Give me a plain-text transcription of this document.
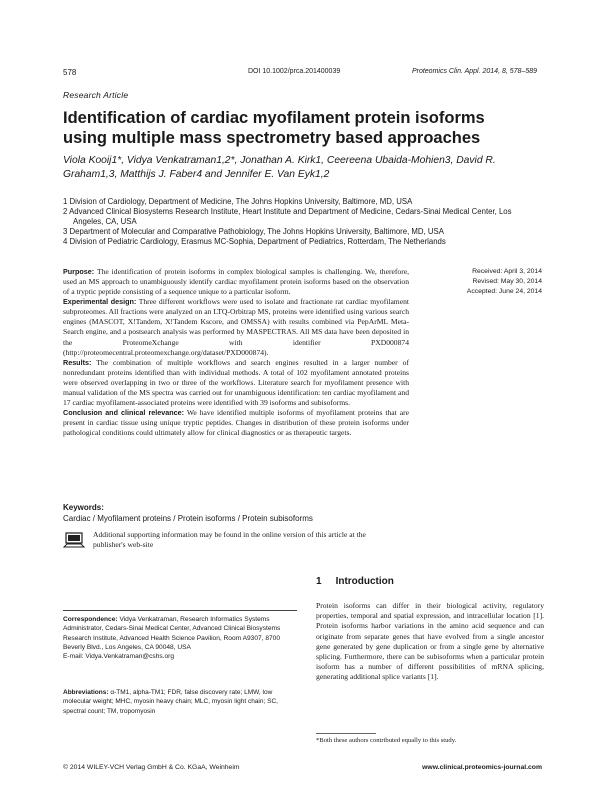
578	DOI 10.1002/prca.201400039	Proteomics Clin. Appl. 2014, 8, 578–589
Research Article
Identification of cardiac myofilament protein isoforms using multiple mass spectrometry based approaches
Viola Kooij1*, Vidya Venkatraman1,2*, Jonathan A. Kirk1, Ceereena Ubaida-Mohien3, David R. Graham1,3, Matthijs J. Faber4 and Jennifer E. Van Eyk1,2
1 Division of Cardiology, Department of Medicine, The Johns Hopkins University, Baltimore, MD, USA
2 Advanced Clinical Biosystems Research Institute, Heart Institute and Department of Medicine, Cedars-Sinai Medical Center, Los Angeles, CA, USA
3 Department of Molecular and Comparative Pathobiology, The Johns Hopkins University, Baltimore, MD, USA
4 Division of Pediatric Cardiology, Erasmus MC-Sophia, Department of Pediatrics, Rotterdam, The Netherlands

Purpose: The identification of protein isoforms in complex biological samples is challenging. We, therefore, used an MS approach to unambiguously identify cardiac myofilament protein isoforms based on the observation of a tryptic peptide consisting of a sequence unique to a particular isoform.

Experimental design: Three different workflows were used to isolate and fractionate rat cardiac myofilament subproteomes. All fractions were analyzed on an LTQ-Orbitrap MS, proteins were identified using various search engines (MASCOT, X!Tandem, X!Tandem Kscore, and OMSSA) with results combined via PepArML Meta-Search engine, and a postsearch analysis was performed by MASPECTRAS. All MS data have been deposited in the ProteomeXchange with identifier PXD000874 (http://proteomecentral.proteomexchange.org/dataset/PXD000874).

Results: The combination of multiple workflows and search engines resulted in a larger number of nonredundant proteins identified than with individual methods. A total of 102 myofilament annotated proteins were observed overlapping in two or three of the workflows. Literature search for myofilament presence with manual validation of the MS spectra was carried out for unambiguous identification: ten cardiac myofilament and 17 cardiac myofilament-associated proteins were identified with 39 isoforms and subisoforms.

Conclusion and clinical relevance: We have identified multiple isoforms of myofilament proteins that are present in cardiac tissue using unique tryptic peptides. Changes in distribution of these protein isoforms under pathological conditions could ultimately allow for clinical diagnostics or as therapeutic targets.

Received: April 3, 2014
Revised: May 30, 2014
Accepted: June 24, 2014
Keywords:
Cardiac / Myofilament proteins / Protein isoforms / Protein subisoforms
Additional supporting information may be found in the online version of this article at the publisher's web-site
Correspondence: Vidya Venkatraman, Research Informatics Systems Administrator, Cedars-Sinai Medical Center, Advanced Clinical Biosystems Research Institute, Advanced Health Science Pavilion, Room A9307, 8700 Beverly Blvd., Los Angeles, CA 90048, USA
E-mail: Vidya.Venkatraman@cshs.org
Abbreviations: α-TM1, alpha-TM1; FDR, false discovery rate; LMW, low molecular weight; MHC, myosin heavy chain; MLC, myosin light chain; SC, spectral count; TM, tropomyosin
1 Introduction
Protein isoforms can differ in their biological activity, regulatory properties, temporal and spatial expression, and intracellular location [1]. Protein isoforms harbor variations in the amino acid sequence and can originate from separate genes that have evolved from a single ancestor gene generated by gene duplication or from a single gene by alternative splicing. Furthermore, there can be subisoforms when a particular protein isoform has a number of different possibilities of mRNA splicing, generating additional splice variants [1].
*Both these authors contributed equally to this study.
© 2014 WILEY-VCH Verlag GmbH & Co. KGaA, Weinheim	www.clinical.proteomics-journal.com
